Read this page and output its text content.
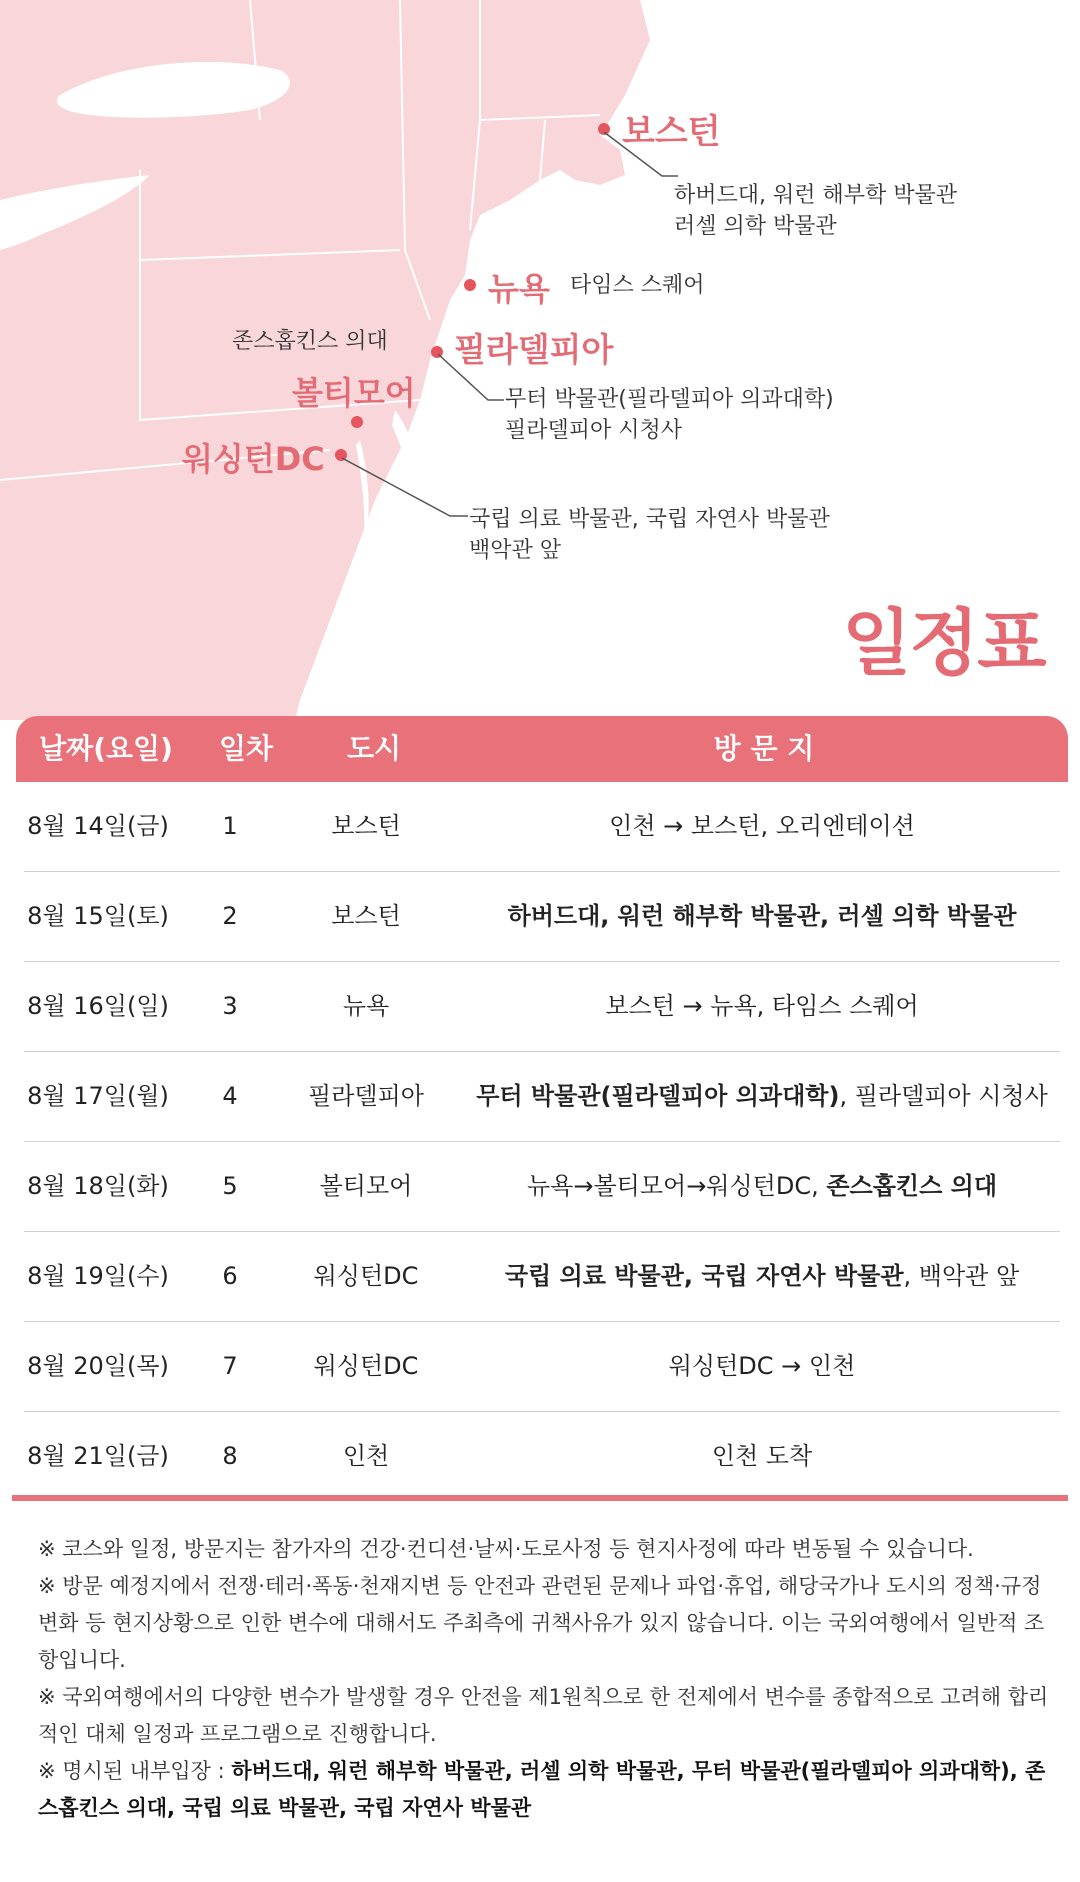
보스턴
하버드대, 워런 해부학 박물관
러셀 의학 박물관
뉴욕 타임스 스퀘어
필라델피아
무터 박물관(필라델피아 의과대학)
필라델피아 시청사
존스홉킨스 의대
볼티모어
워싱턴DC
국립 의료 박물관, 국립 자연사 박물관
백악관 앞
일정표
날짜(요일) 일차	도시	방 문 지
8월 14일(금)	1	보스턴	인천 → 보스턴, 오리엔테이션
8월 15일(토)	2	보스턴	하버드대, 워런 해부학 박물관, 러셀 의학 박물관
8월 16일(일)	3	뉴욕	보스턴 → 뉴욕, 타임스 스퀘어
8월 17일(월)	4	필라델피아	무터 박물관(필라델피아 의과대학), 필라델피아 시청사
8월 18일(화)	5	볼티모어	뉴욕→볼티모어→워싱턴DC, 존스홉킨스 의대
8월 19일(수)	6	워싱턴DC	국립 의료 박물관, 국립 자연사 박물관, 백악관 앞
8월 20일(목)	7	워싱턴DC	워싱턴DC → 인천
8월 21일(금)	8	인천	인천 도착

※ 코스와 일정, 방문지는 참가자의 건강·컨디션·날씨·도로사정 등 현지사정에 따라 변동될 수 있습니다.

※ 방문 예정지에서 전쟁·테러·폭동·천재지변 등 안전과 관련된 문제나 파업·휴업, 해당국가나 도시의 정책·규정 변화 등 현지상황으로 인한 변수에 대해서도 주최측에 귀책사유가 있지 않습니다. 이는 국외여행에서 일반적 조항입니다.

※ 국외여행에서의 다양한 변수가 발생할 경우 안전을 제1원칙으로 한 전제에서 변수를 종합적으로 고려해 합리적인 대체 일정과 프로그램으로 진행합니다.

※ 명시된 내부입장 : 하버드대, 워런 해부학 박물관, 러셀 의학 박물관, 무터 박물관(필라델피아 의과대학), 존스홉킨스 의대, 국립 의료 박물관, 국립 자연사 박물관
